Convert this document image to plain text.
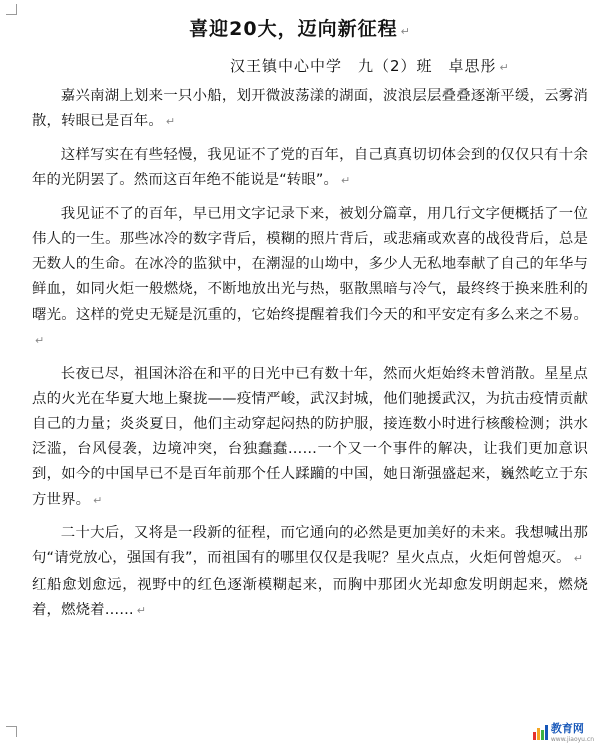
喜迎20大，迈向新征程 ↵
汉王镇中心中学　九（2）班　卓思彤 ↵

嘉兴南湖上划来一只小船，划开微波荡漾的湖面，波浪层层叠叠逐渐平缓，云雾消散，转眼已是百年。 ↵

这样写实在有些轻慢，我见证不了党的百年，自己真真切切体会到的仅仅只有十余年的光阴罢了。然而这百年绝不能说是“转眼”。 ↵

我见证不了的百年，早已用文字记录下来，被划分篇章，用几行文字便概括了一位伟人的一生。那些冰冷的数字背后，模糊的照片背后，或悲痛或欢喜的战役背后，总是无数人的生命。在冰冷的监狱中，在潮湿的山坳中，多少人无私地奉献了自己的年华与鲜血，如同火炬一般燃烧，不断地放出光与热，驱散黑暗与冷气，最终终于换来胜利的曙光。这样的党史无疑是沉重的，它始终提醒着我们今天的和平安定有多么来之不易。↵

长夜已尽，祖国沐浴在和平的日光中已有数十年，然而火炬始终未曾消散。星星点点的火光在华夏大地上聚拢——疫情严峻，武汉封城，他们驰援武汉，为抗击疫情贡献自己的力量；炎炎夏日，他们主动穿起闷热的防护服，接连数小时进行核酸检测；洪水泛滥，台风侵袭，边境冲突，台独蠢蠢……一个又一个事件的解决，让我们更加意识到，如今的中国早已不是百年前那个任人蹂躏的中国，她日渐强盛起来，巍然屹立于东方世界。 ↵

二十大后，又将是一段新的征程，而它通向的必然是更加美好的未来。我想喊出那句“请党放心，强国有我”，而祖国有的哪里仅仅是我呢？星火点点，火炬何曾熄灭。 ↵

红船愈划愈远，视野中的红色逐渐模糊起来，而胸中那团火光却愈发明朗起来，燃烧着，燃烧着…… ↵

教育网
www.jiaoyu.cn
